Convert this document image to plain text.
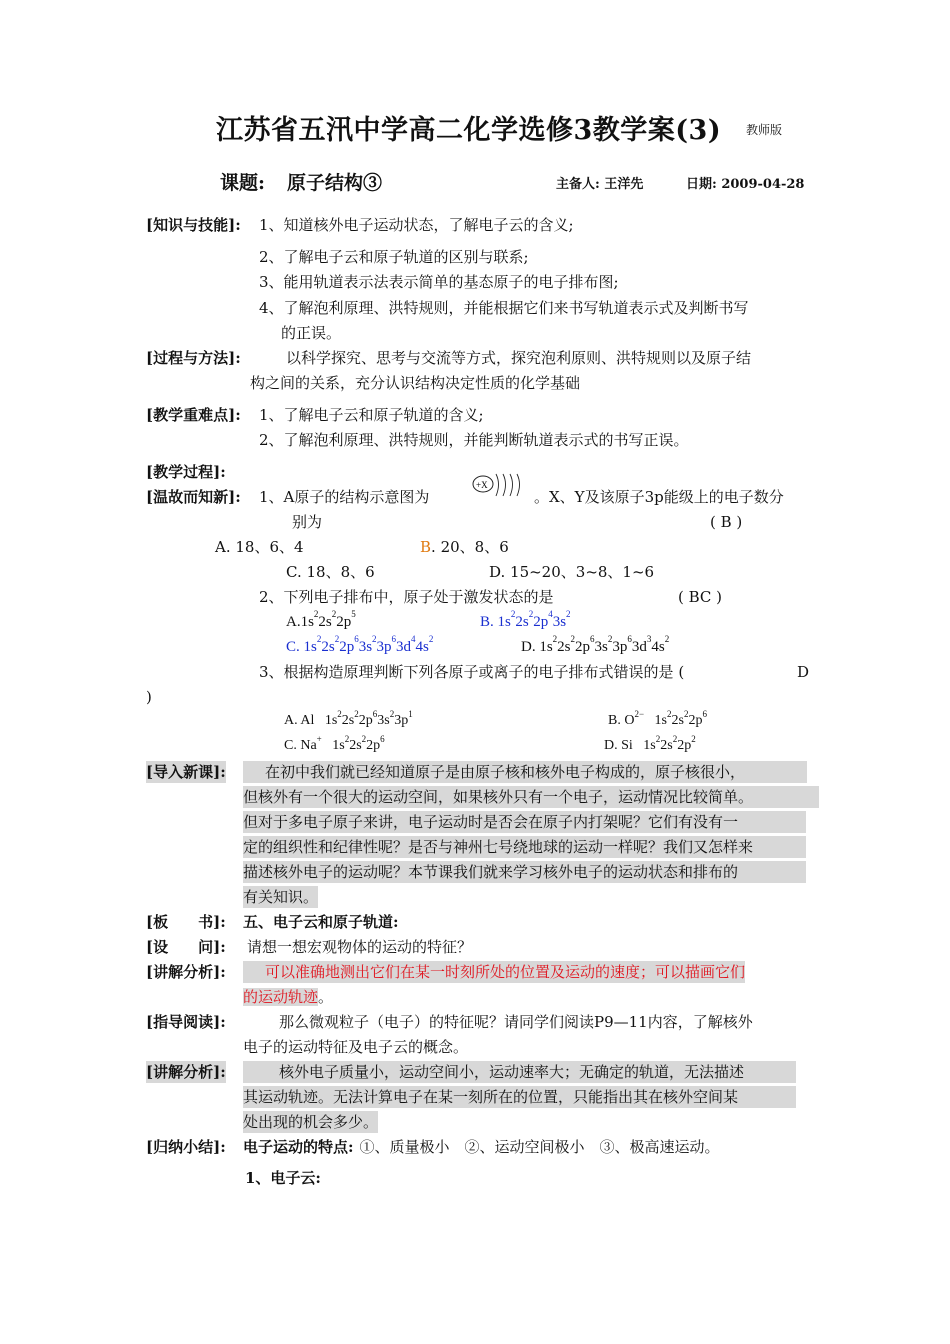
江苏省五汛中学高二化学选修3教学案(3) 教师版
课题: 原子结构③	主备人: 王洋先	日期: 2009-04-28
[知识与技能]: 1、知道核外电子运动状态，了解电子云的含义;
2、了解电子云和原子轨道的区别与联系;
3、能用轨道表示法表示简单的基态原子的电子排布图;
4、了解泡利原理、洪特规则，并能根据它们来书写轨道表示式及判断书写
的正误。
[过程与方法]:	以科学探究、思考与交流等方式，探究泡利原则、洪特规则以及原子结
构之间的关系，充分认识结构决定性质的化学基础
[教学重难点]: 1、了解电子云和原子轨道的含义;
2、了解泡利原理、洪特规则，并能判断轨道表示式的书写正误。
[教学过程]:
[温故而知新]: 1、A原子的结构示意图为
+X
。X、Y及该原子3p能级上的电子数分
别为	( B )
A. 18、6、4	B. 20、8、6
C. 18、8、6	D. 15~20、3~8、1~6
2、下列电子排布中，原子处于激发状态的是	( BC )
$A.1s^22s^22p^5$	B. $1s^22s^22p^43s^2$
C. $1s^22s^22p^63s^23p^63d^44s^2$	D. $1s^22s^22p^63s^23p^63d^34s^2$
3、根据构造原理判断下列各原子或离子的电子排布式错误的是 (	D
)
A. Al   $1s^22s^22p^63s^23p^1$	B. $O^{2-}$   $1s^22s^22p^6$
C. Na+   $1s^22s^22p^6$	D. Si   $1s^22s^22p^2$
[导入新课]:	在初中我们就已经知道原子是由原子核和核外电子构成的，原子核很小，
但核外有一个很大的运动空间，如果核外只有一个电子，运动情况比较简单。
但对于多电子原子来讲，电子运动时是否会在原子内打架呢？它们有没有一
定的组织性和纪律性呢？是否与神州七号绕地球的运动一样呢？我们又怎样来
描述核外电子的运动呢？本节课我们就来学习核外电子的运动状态和排布的
有关知识。
[板　　书]: 五、电子云和原子轨道:
[设　　问]: 请想一想宏观物体的运动的特征？
[讲解分析]:	可以准确地测出它们在某一时刻所处的位置及运动的速度；可以描画它们
的运动轨迹。
[指导阅读]:	那么微观粒子（电子）的特征呢？请同学们阅读P9—11内容，了解核外
电子的运动特征及电子云的概念。
[讲解分析]:	核外电子质量小，运动空间小，运动速率大；无确定的轨道，无法描述
其运动轨迹。无法计算电子在某一刻所在的位置，只能指出其在核外空间某
处出现的机会多少。
[归纳小结]: 电子运动的特点: ①、质量极小　②、运动空间极小　③、极高速运动。
1、电子云:
